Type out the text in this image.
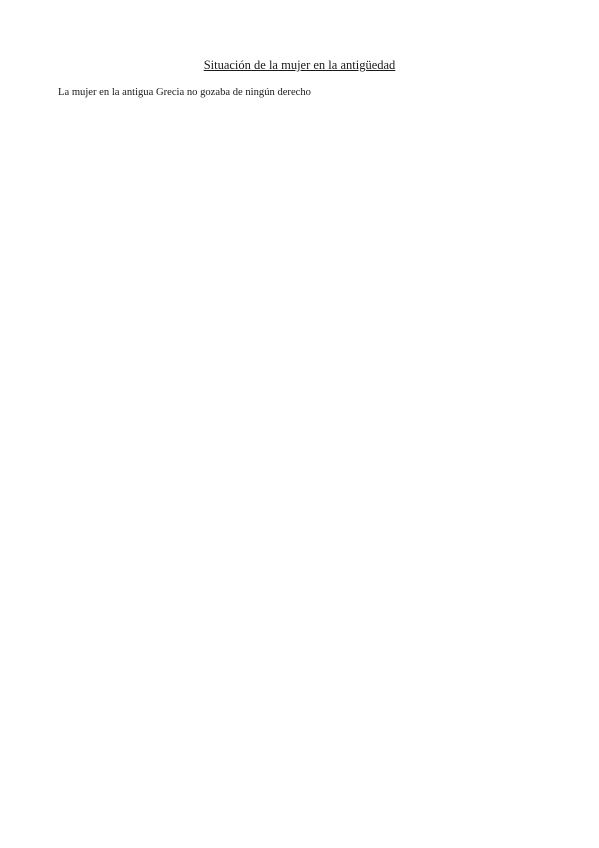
Situación de la mujer en la antigüedad

La mujer en la antigua Grecia no gozaba de ningún derecho
